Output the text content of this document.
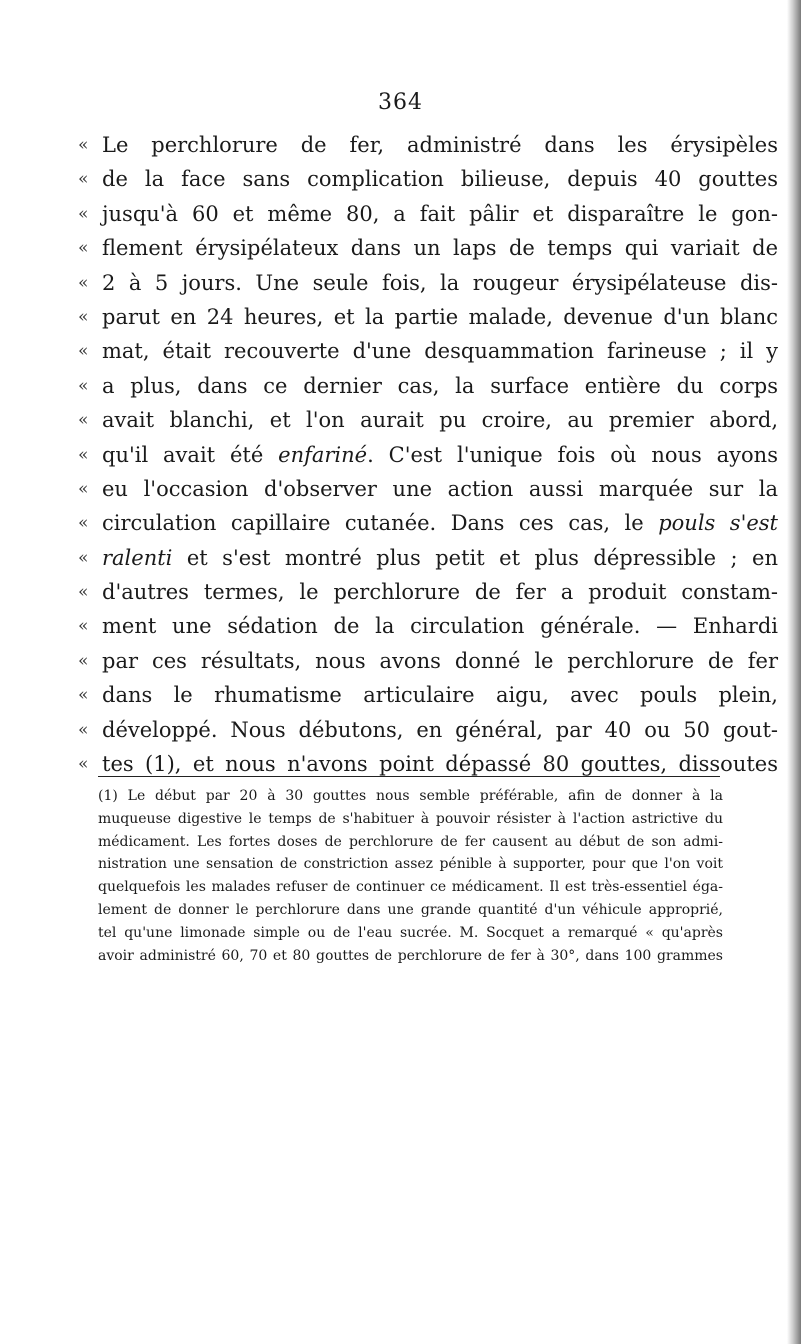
364
« Le perchlorure de fer, administré dans les érysipèles
« de la face sans complication bilieuse, depuis 40 gouttes
« jusqu'à 60 et même 80, a fait pâlir et disparaître le gon-
« flement érysipélateux dans un laps de temps qui variait de
« 2 à 5 jours. Une seule fois, la rougeur érysipélateuse dis-
« parut en 24 heures, et la partie malade, devenue d'un blanc
« mat, était recouverte d'une desquammation farineuse ; il y
« a plus, dans ce dernier cas, la surface entière du corps
« avait blanchi, et l'on aurait pu croire, au premier abord,
« qu'il avait été enfariné. C'est l'unique fois où nous ayons
« eu l'occasion d'observer une action aussi marquée sur la
« circulation capillaire cutanée. Dans ces cas, le pouls s'est
« ralenti et s'est montré plus petit et plus dépressible ; en
« d'autres termes, le perchlorure de fer a produit constam-
« ment une sédation de la circulation générale. — Enhardi
« par ces résultats, nous avons donné le perchlorure de fer
« dans le rhumatisme articulaire aigu, avec pouls plein,
« développé. Nous débutons, en général, par 40 ou 50 gout-
« tes (1), et nous n'avons point dépassé 80 gouttes, dissoutes
(1) Le début par 20 à 30 gouttes nous semble préférable, afin de donner à la
muqueuse digestive le temps de s'habituer à pouvoir résister à l'action astrictive du
médicament. Les fortes doses de perchlorure de fer causent au début de son admi-
nistration une sensation de constriction assez pénible à supporter, pour que l'on voit
quelquefois les malades refuser de continuer ce médicament. Il est très-essentiel éga-
lement de donner le perchlorure dans une grande quantité d'un véhicule approprié,
tel qu'une limonade simple ou de l'eau sucrée. M. Socquet a remarqué « qu'après
avoir administré 60, 70 et 80 gouttes de perchlorure de fer à 30°, dans 100 grammes
